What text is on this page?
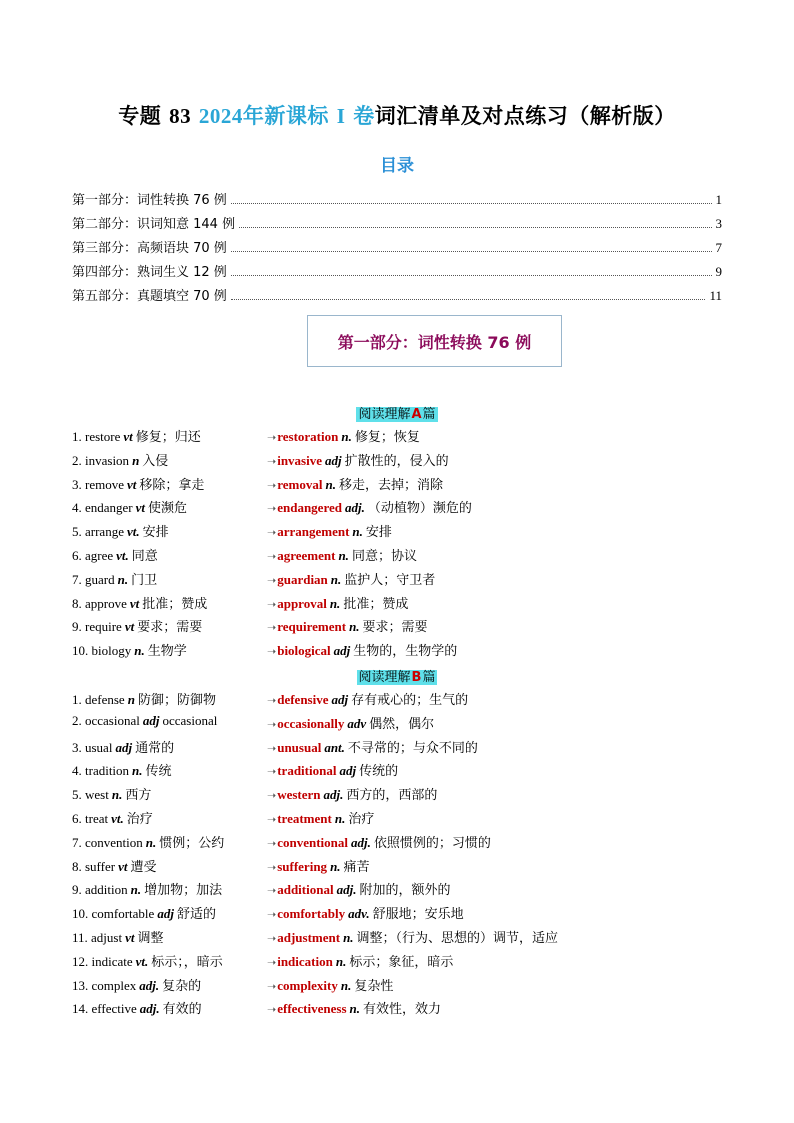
专题 83 2024年新课标 I 卷词汇清单及对点练习（解析版）
目录
第一部分：词性转换 76 例	1
第二部分：识词知意 144 例	3
第三部分：高频语块 70 例	7
第四部分：熟词生义 12 例	9
第五部分：真题填空 70 例	11
第一部分：词性转换 76 例
阅读理解A篇
1. restore vt 修复；归还	➝restoration n. 修复；恢复
2. invasion n 入侵	➝invasive adj 扩散性的，侵入的
3. remove vt 移除；拿走	➝removal n. 移走，去掉；消除
4. endanger vt 使濒危	➝endangered adj. （动植物）濒危的
5. arrange vt. 安排	➝arrangement n. 安排
6. agree vt. 同意	➝agreement n. 同意；协议
7. guard n. 门卫	➝guardian n. 监护人；守卫者
8. approve vt 批准；赞成	➝approval n. 批准；赞成
9. require vt 要求；需要	➝requirement n. 要求；需要
10. biology n. 生物学	➝biological adj 生物的，生物学的
阅读理解B篇
1. defense n 防御；防御物	➝defensive adj 存有戒心的；生气的
2. occasional adj occasional	➝occasionally adv 偶然，偶尔
3. usual adj 通常的	➝unusual ant. 不寻常的；与众不同的
4. tradition n. 传统	➝traditional adj 传统的
5. west n. 西方	➝western adj. 西方的，西部的
6. treat vt. 治疗	➝treatment n. 治疗
7. convention n. 惯例；公约	➝conventional adj. 依照惯例的；习惯的
8. suffer vt 遭受	➝suffering n. 痛苦
9. addition n. 增加物；加法	➝additional adj. 附加的，额外的
10. comfortable adj 舒适的	➝comfortably adv. 舒服地；安乐地
11. adjust vt 调整	➝adjustment n. 调整；（行为、思想的）调节，适应
12. indicate vt. 标示；，暗示	➝indication n. 标示；象征，暗示
13. complex adj. 复杂的	➝complexity n. 复杂性
14. effective adj. 有效的	➝effectiveness n. 有效性，效力
